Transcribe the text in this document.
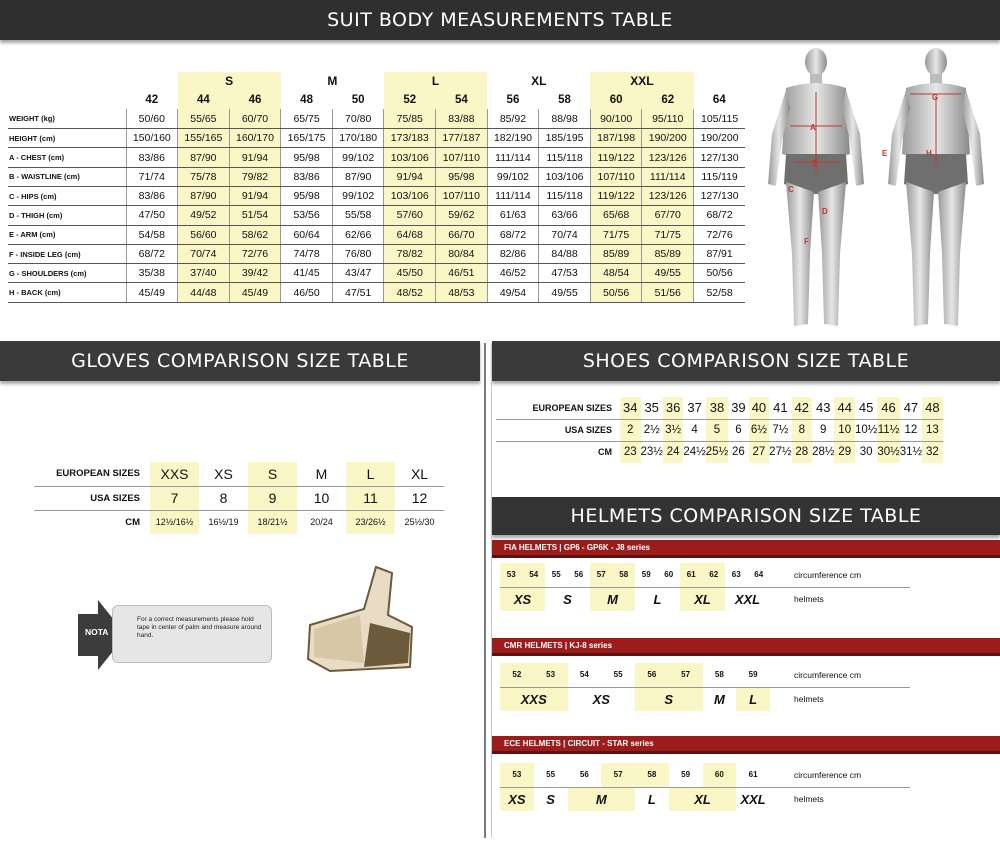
SUIT BODY MEASUREMENTS TABLE
		S		M		L		XL		XXL		
	42	44	46	48	50	52	54	56	58	60	62	64
WEIGHT (kg)	50/60	55/65	60/70	65/75	70/80	75/85	83/88	85/92	88/98	90/100	95/110	105/115
HEIGHT (cm)	150/160	155/165	160/170	165/175	170/180	173/183	177/187	182/190	185/195	187/198	190/200	190/200
A - CHEST (cm)	83/86	87/90	91/94	95/98	99/102	103/106	107/110	111/114	115/118	119/122	123/126	127/130
B - WAISTLINE (cm)	71/74	75/78	79/82	83/86	87/90	91/94	95/98	99/102	103/106	107/110	111/114	115/119
C - HIPS (cm)	83/86	87/90	91/94	95/98	99/102	103/106	107/110	111/114	115/118	119/122	123/126	127/130
D - THIGH (cm)	47/50	49/52	51/54	53/56	55/58	57/60	59/62	61/63	63/66	65/68	67/70	68/72
E - ARM (cm)	54/58	56/60	58/62	60/64	62/66	64/68	66/70	68/72	70/74	71/75	71/75	72/76
F - INSIDE LEG (cm)	68/72	70/74	72/76	74/78	76/80	78/82	80/84	82/86	84/88	85/89	85/89	87/91
G - SHOULDERS (cm)	35/38	37/40	39/42	41/45	43/47	45/50	46/51	46/52	47/53	48/54	49/55	50/56
H - BACK (cm)	45/49	44/48	45/49	46/50	47/51	48/52	48/53	49/54	49/55	50/56	51/56	52/58
A
B
C
D
E
F
G
H
GLOVES COMPARISON SIZE TABLE
EUROPEAN SIZES	XXS	XS	S	M	L	XL
USA SIZES	7	8	9	10	11	12
CM	12½/16½	16½/19	18/21½	20/24	23/26½	25½/30
For a correct measurements please hold tape in center of palm and measure around hand.
NOTA
SHOES COMPARISON SIZE TABLE
EUROPEAN SIZES	34	35	36	37	38	39	40	41	42	43	44	45	46	47	48
USA SIZES	2	2½	3½	4	5	6	6½	7½	8	9	10	10½	11½	12	13
CM	23	23½	24	24½	25½	26	27	27½	28	28½	29	30	30½	31½	32
HELMETS COMPARISON SIZE TABLE
FIA HELMETS | GP6 - GP6K - J8 series
53	54	55	56	57	58	59	60	61	62	63	64	circumference cm
XS		S		M		L		XL		XXL		helmets
CMR HELMETS | KJ-8 series
52	53	54	55	56	57	58	59	circumference cm
XXS		XS		S		M	L	helmets
ECE HELMETS | CIRCUIT - STAR series
53	55	56	57	58	59	60	61	circumference cm
XS	S	M		L	XL		XXL	helmets
